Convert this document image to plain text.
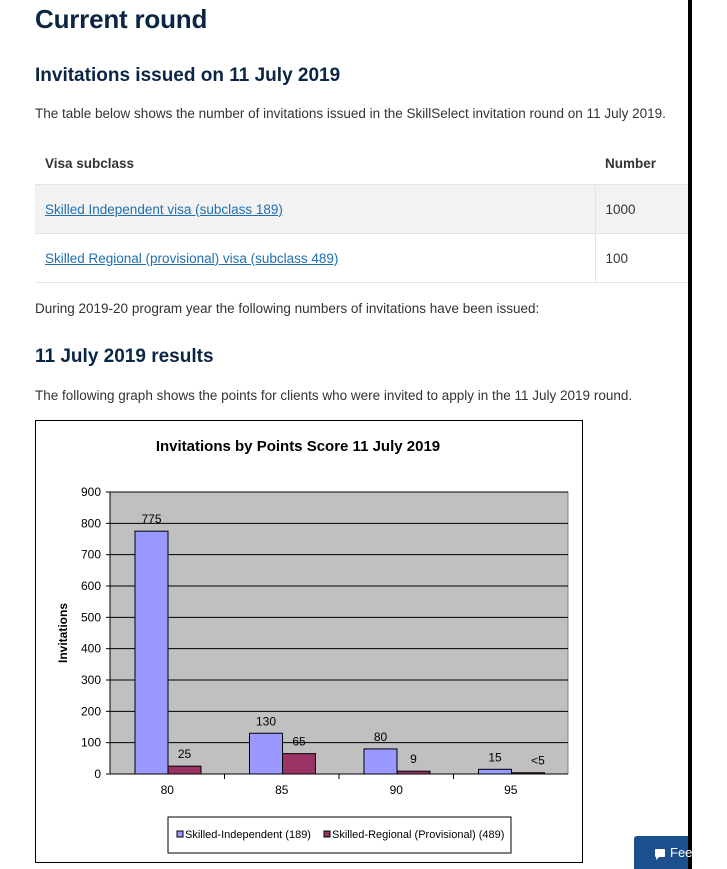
Current round
Invitations issued on 11 July 2019

The table below shows the number of invitations issued in the SkillSelect invitation round on 11 July 2019.

Visa subclass	Number
Skilled Independent visa (subclass 189)	1000
Skilled Regional (provisional) visa (subclass 489)	100

During 2019-20 program year the following numbers of invitations have been issued:

11 July 2019 results

The following graph shows the points for clients who were invited to apply in the 11 July 2019 round.

Invitations by Points Score 11 July 2019
0
100
200
300
400
500
600
700
800
900
Invitations
80
775
25
85
130
65
90
80
9
95
15 <5
Skilled-Independent (189) Skilled-Regional (Provisional) (489)
Feedback
